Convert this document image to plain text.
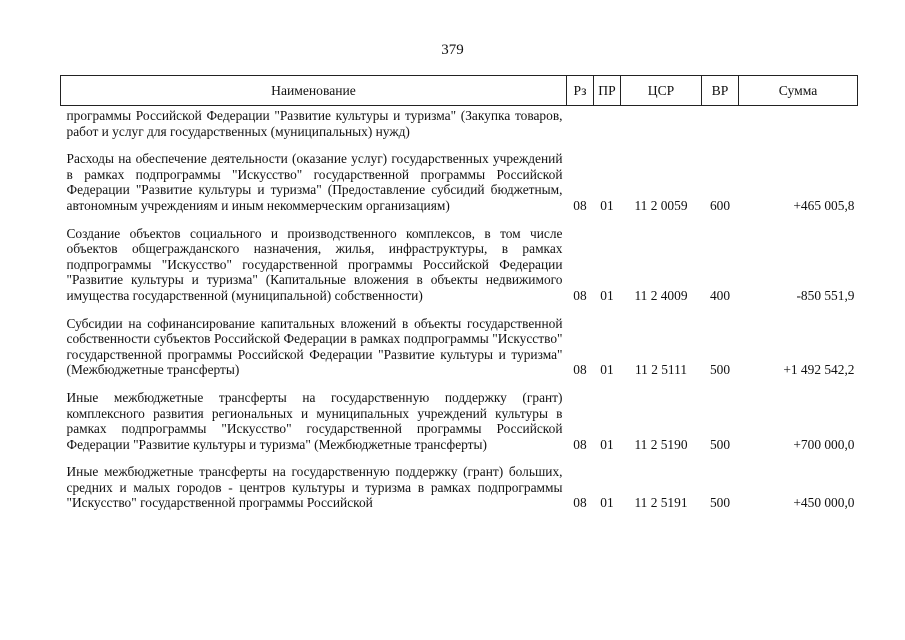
379
Наименование	Рз	ПР	ЦСР	ВР	Сумма
программы Российской Федерации "Развитие культуры и туризма" (Закупка товаров, работ и услуг для государственных (муниципальных) нужд)					
Расходы на обеспечение деятельности (оказание услуг) государственных учреждений в рамках подпрограммы "Искусство" государственной программы Российской Федерации "Развитие культуры и туризма" (Предоставление субсидий бюджетным, автономным учреждениям и иным некоммерческим организациям)	08	01	11 2 0059	600	+465 005,8
Создание объектов социального и производственного комплексов, в том числе объектов общегражданского назначения, жилья, инфраструктуры, в рамках подпрограммы "Искусство" государственной программы Российской Федерации "Развитие культуры и туризма" (Капитальные вложения в объекты недвижимого имущества государственной (муниципальной) собственности)	08	01	11 2 4009	400	-850 551,9
Субсидии на софинансирование капитальных вложений в объекты государственной собственности субъектов Российской Федерации в рамках подпрограммы "Искусство" государственной программы Российской Федерации "Развитие культуры и туризма" (Межбюджетные трансферты)	08	01	11 2 5111	500	+1 492 542,2
Иные межбюджетные трансферты на государственную поддержку (грант) комплексного развития региональных и муниципальных учреждений культуры в рамках подпрограммы "Искусство" государственной программы Российской Федерации "Развитие культуры и туризма" (Межбюджетные трансферты)	08	01	11 2 5190	500	+700 000,0
Иные межбюджетные трансферты на государственную поддержку (грант) больших, средних и малых городов - центров культуры и туризма в рамках подпрограммы "Искусство" государственной программы Российской	08	01	11 2 5191	500	+450 000,0
